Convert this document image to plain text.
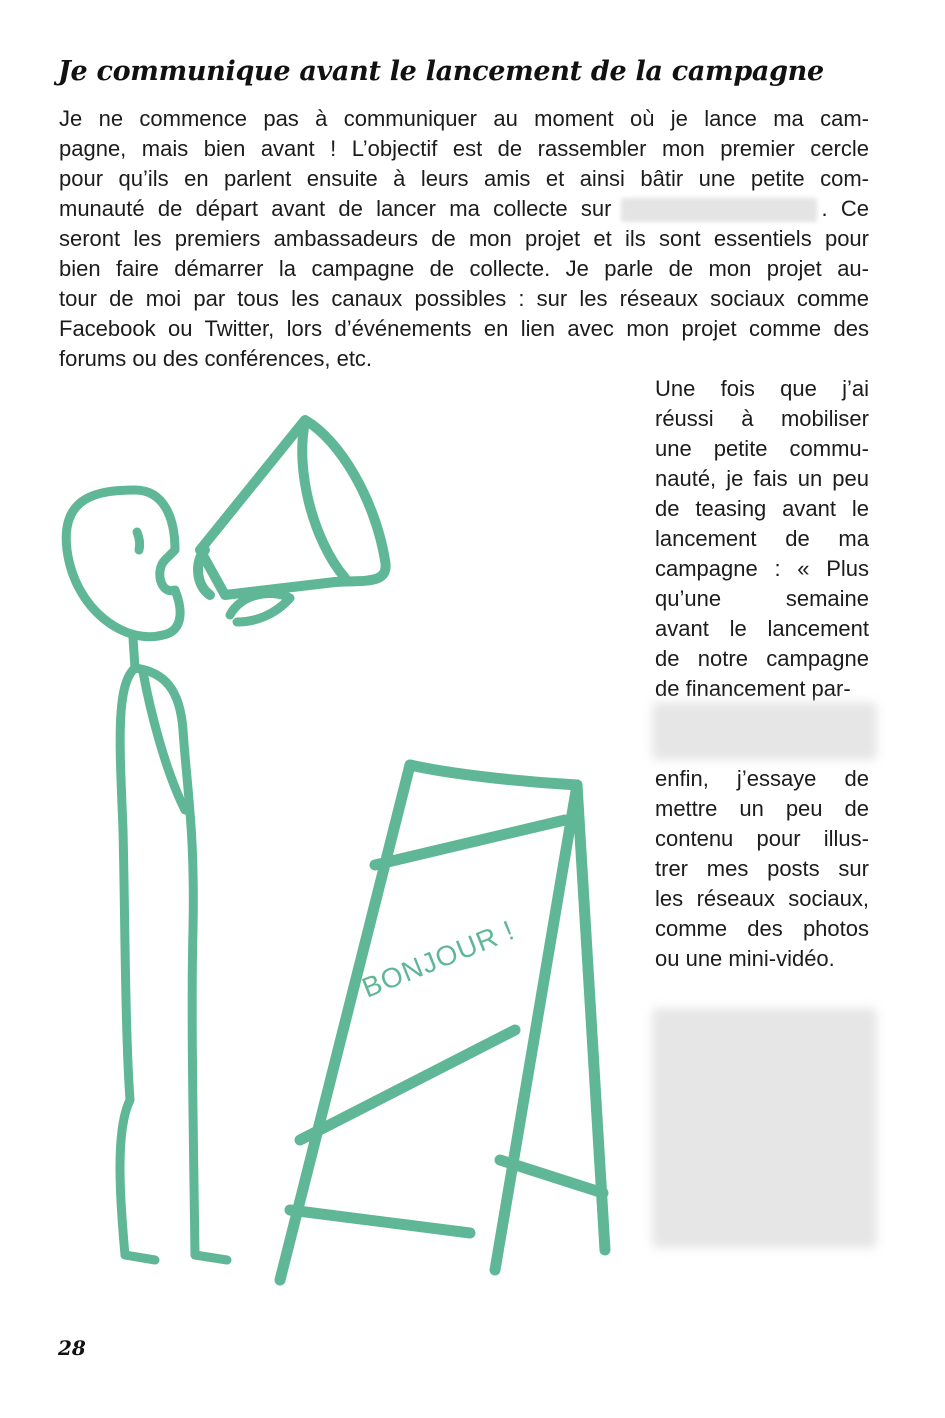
Je communique avant le lancement de la campagne
Je ne commence pas à communiquer au moment où je lance ma cam-
pagne, mais bien avant ! L’objectif est de rassembler mon premier cercle
pour qu’ils en parlent ensuite à leurs amis et ainsi bâtir une petite com-
munauté de départ avant de lancer ma collecte sur	. Ce
seront les premiers ambassadeurs de mon projet et ils sont essentiels pour
bien faire démarrer la campagne de collecte. Je parle de mon projet au-
tour de moi par tous les canaux possibles : sur les réseaux sociaux comme
Facebook ou Twitter, lors d’événements en lien avec mon projet comme des
forums ou des conférences, etc.
Une fois que j’ai
réussi à mobiliser
une petite commu-
nauté, je fais un peu
de teasing avant le
lancement de ma
campagne : « Plus
qu’une semaine
avant le lancement
de notre campagne
de financement par-
enfin, j’essaye de
mettre un peu de
contenu pour illus-
trer mes posts sur
les réseaux sociaux,
comme des photos
ou une mini-vidéo.
BONJOUR !
28
